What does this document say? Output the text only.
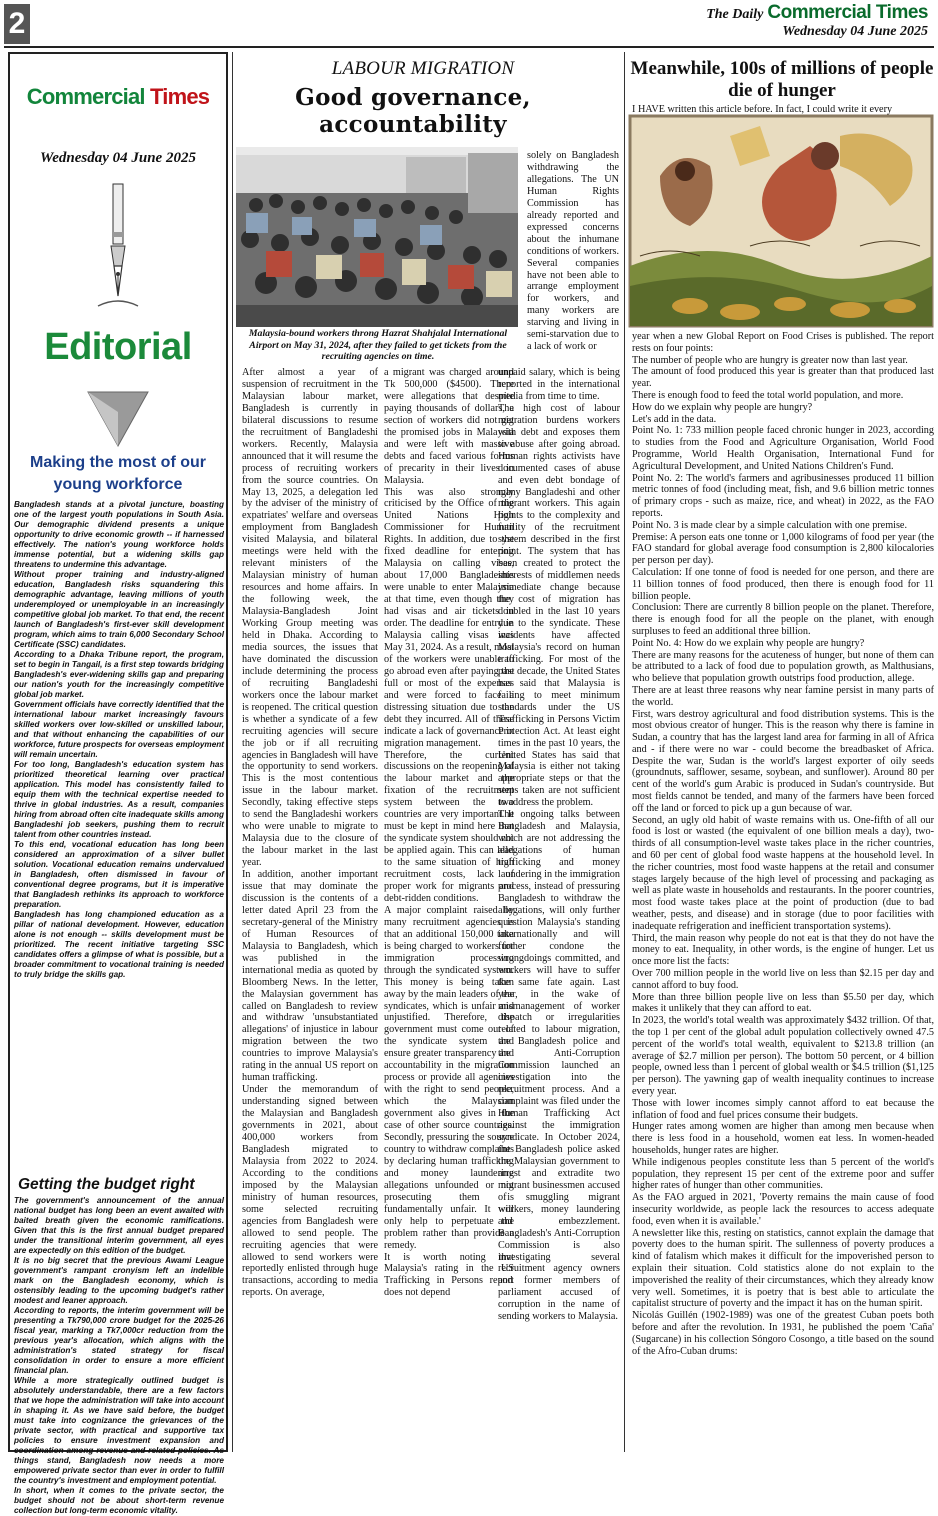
2	The Daily Commercial Times
Wednesday 04 June 2025
Commercial Times
Wednesday 04 June 2025
Editorial
Making the most of our young workforce

Bangladesh stands at a pivotal juncture, boasting one of the largest youth populations in South Asia. Our demographic dividend presents a unique opportunity to drive economic growth -- if harnessed effectively. The nation's young workforce holds immense potential, but a widening skills gap threatens to undermine this advantage.

Without proper training and industry-aligned education, Bangladesh risks squandering this demographic advantage, leaving millions of youth underemployed or unemployable in an increasingly competitive global job market. To that end, the recent launch of Bangladesh's first-ever skill development program, which aims to train 6,000 Secondary School Certificate (SSC) candidates.

According to a Dhaka Tribune report, the program, set to begin in Tangail, is a first step towards bridging Bangladesh's ever-widening skills gap and preparing our nation's youth for the increasingly competitive global job market.

Government officials have correctly identified that the international labour market increasingly favours skilled workers over low-skilled or unskilled labour, and that without enhancing the capabilities of our workforce, future prospects for overseas employment will remain uncertain.

For too long, Bangladesh's education system has prioritized theoretical learning over practical application. This model has consistently failed to equip them with the technical expertise needed to thrive in global industries. As a result, companies hiring from abroad often cite inadequate skills among Bangladeshi job seekers, pushing them to recruit talent from other countries instead.

To this end, vocational education has long been considered an approximation of a silver bullet solution. Vocational education remains undervalued in Bangladesh, often dismissed in favour of conventional degree programs, but it is imperative that Bangladesh rethinks its approach to workforce preparation.

Bangladesh has long championed education as a pillar of national development. However, education alone is not enough -- skills development must be prioritized. The recent initiative targeting SSC candidates offers a glimpse of what is possible, but a broader commitment to vocational training is needed to truly bridge the skills gap.

Getting the budget right

The government's announcement of the annual national budget has long been an event awaited with baited breath given the economic ramifications. Given that this is the first annual budget prepared under the transitional interim government, all eyes are expectedly on this edition of the budget.

It is no big secret that the previous Awami League government's rampant cronyism left an indelible mark on the Bangladesh economy, which is ostensibly leading to the upcoming budget's rather modest and leaner approach.

According to reports, the interim government will be presenting a Tk790,000 crore budget for the 2025-26 fiscal year, marking a Tk7,000cr reduction from the previous year's allocation, which aligns with the administration's stated strategy for fiscal consolidation in order to ensure a more efficient financial plan.

While a more strategically outlined budget is absolutely understandable, there are a few factors that we hope the administration will take into account in shaping it. As we have said before, the budget must take into cognizance the grievances of the private sector, with practical and supportive tax policies to ensure investment expansion and coordination among revenue and related policies. As things stand, Bangladesh now needs a more empowered private sector than ever in order to fulfill the country's investment and employment potential.

In short, when it comes to the private sector, the budget should not be about short-term revenue collection but long-term economic vitality.

LABOUR MIGRATION
Good governance, accountability
Malaysia-bound workers throng Hazrat Shahjalal International Airport on May 31, 2024, after they failed to get tickets from the recruiting agencies on time.

solely on Bangladesh withdrawing the allegations. The UN Human Rights Commission has already reported and expressed concerns about the inhumane conditions of workers. Several companies have not been able to arrange employment for workers, and many workers are starving and living in semi-starvation due to a lack of work or

After almost a year of suspension of recruitment in the Malaysian labour market, Bangladesh is currently in bilateral discussions to resume the recruitment of Bangladeshi workers. Recently, Malaysia announced that it will resume the process of recruiting workers from the source countries. On May 13, 2025, a delegation led by the adviser of the ministry of expatriates' welfare and overseas employment from Bangladesh visited Malaysia, and bilateral meetings were held with the relevant ministers of the Malaysian ministry of human resources and home affairs. In the following week, the Malaysia-Bangladesh Joint Working Group meeting was held in Dhaka. According to media sources, the issues that have dominated the discussion include determining the process of recruiting Bangladeshi workers once the labour market is reopened. The critical question is whether a syndicate of a few recruiting agencies will secure the job or if all recruiting agencies in Bangladesh will have the opportunity to send workers. This is the most contentious issue in the labour market. Secondly, taking effective steps to send the Bangladeshi workers who were unable to migrate to Malaysia due to the closure of the labour market in the last year.

In addition, another important issue that may dominate the discussion is the contents of a letter dated April 23 from the secretary-general of the Ministry of Human Resources of Malaysia to Bangladesh, which was published in the international media as quoted by Bloomberg News. In the letter, the Malaysian government has called on Bangladesh to review and withdraw 'unsubstantiated allegations' of injustice in labour migration between the two countries to improve Malaysia's rating in the annual US report on human trafficking.

Under the memorandum of understanding signed between the Malaysian and Bangladesh governments in 2021, about 400,000 workers from Bangladesh migrated to Malaysia from 2022 to 2024. According to the conditions imposed by the Malaysian ministry of human resources, some selected recruiting agencies from Bangladesh were allowed to send people. The recruiting agencies that were allowed to send workers were reportedly enlisted through huge transactions, according to media reports. On average,

a migrant was charged around Tk 500,000 ($4500). There were allegations that despite paying thousands of dollars, a section of workers did not get the promised jobs in Malaysia and were left with massive debts and faced various forms of precarity in their lives in Malaysia.

This was also strongly criticised by the Office of the United Nations High Commissioner for Human Rights. In addition, due to the fixed deadline for entering Malaysia on calling visas, about 17,000 Bangladeshis were unable to enter Malaysia at that time, even though they had visas and air tickets in order. The deadline for entry in Malaysia calling visas was May 31, 2024. As a result, most of the workers were unable to go abroad even after paying the full or most of the expenses and were forced to face a distressing situation due to the debt they incurred. All of these indicate a lack of governance in migration management.

Therefore, the current discussions on the reopening of the labour market and the fixation of the recruitment system between the two countries are very important. It must be kept in mind here that the syndicate system should not be applied again. This can lead to the same situation of high recruitment costs, lack of proper work for migrants and debt-ridden conditions.

A major complaint raised by many recruitment agencies is that an additional 150,000 taka is being charged to workers for immigration processing through the syndicated system. This money is being taken away by the main leaders of the syndicates, which is unfair and unjustified. Therefore, the government must come out of the syndicate system and ensure greater transparency and accountability in the migration process or provide all agencies with the right to send people, which the Malaysian government also gives in the case of other source countries. Secondly, pressuring the source country to withdraw complaints by declaring human trafficking and money laundering allegations unfounded or not prosecuting them is fundamentally unfair. It will only help to perpetuate the problem rather than provide a remedy.

It is worth noting that Malaysia's rating in the US Trafficking in Persons report does not depend

unpaid salary, which is being reported in the international media from time to time.

The high cost of labour migration burdens workers with debt and exposes them to abuse after going abroad. Human rights activists have documented cases of abuse and even debt bondage of many Bangladeshi and other migrant workers. This again points to the complexity and futility of the recruitment system described in the first point. The system that has been created to protect the interests of middlemen needs immediate change because the cost of migration has doubled in the last 10 years due to the syndicate. These incidents have affected Malaysia's record on human trafficking. For most of the past decade, the United States has said that Malaysia is failing to meet minimum standards under the US Trafficking in Persons Victim Protection Act. At least eight times in the past 10 years, the United States has said that Malaysia is either not taking appropriate steps or that the steps taken are not sufficient to address the problem.

The ongoing talks between Bangladesh and Malaysia, which are not addressing the allegations of human trafficking and money laundering in the immigration process, instead of pressuring Bangladesh to withdraw the allegations, will only further question Malaysia's standing internationally and will further condone the wrongdoings committed, and workers will have to suffer the same fate again. Last year, in the wake of mismanagement of worker dispatch or irregularities related to labour migration, the Bangladesh police and the Anti-Corruption Commission launched an investigation into the recruitment process. And a complaint was filed under the Human Trafficking Act against the immigration syndicate. In October 2024, the Bangladesh police asked the Malaysian government to arrest and extradite two migrant businessmen accused of smuggling migrant workers, money laundering and embezzlement. Bangladesh's Anti-Corruption Commission is also investigating several recruitment agency owners and former members of parliament accused of corruption in the name of sending workers to Malaysia.

Meanwhile, 100s of millions of people die of hunger
I HAVE written this article before. In fact, I could write it every

year when a new Global Report on Food Crises is published. The report rests on four points:

The number of people who are hungry is greater now than last year.

The amount of food produced this year is greater than that produced last year.

There is enough food to feed the total world population, and more.

How do we explain why people are hungry?

Let's add in the data.

Point No. 1: 733 million people faced chronic hunger in 2023, according to studies from the Food and Agriculture Organisation, World Food Programme, World Health Organisation, International Fund for Agricultural Development, and United Nations Children's Fund.

Point No. 2: The world's farmers and agribusinesses produced 11 billion metric tonnes of food (including meat, fish, and 9.6 billion metric tonnes of primary crops - such as maize, rice, and wheat) in 2022, as the FAO reports.

Point No. 3 is made clear by a simple calculation with one premise.

Premise: A person eats one tonne or 1,000 kilograms of food per year (the FAO standard for global average food consumption is 2,800 kilocalories per person per day).

Calculation: If one tonne of food is needed for one person, and there are 11 billion tonnes of food produced, then there is enough food for 11 billion people.

Conclusion: There are currently 8 billion people on the planet. Therefore, there is enough food for all the people on the planet, with enough surpluses to feed an additional three billion.

Point No. 4: How do we explain why people are hungry?

There are many reasons for the acuteness of hunger, but none of them can be attributed to a lack of food due to population growth, as Malthusians, who believe that population growth outstrips food production, allege.

There are at least three reasons why near famine persist in many parts of the world.

First, wars destroy agricultural and food distribution systems. This is the most obvious creator of hunger. This is the reason why there is famine in Sudan, a country that has the largest land area for farming in all of Africa and - if there were no war - could become the breadbasket of Africa. Despite the war, Sudan is the world's largest exporter of oily seeds (groundnuts, safflower, sesame, soybean, and sunflower). Around 80 per cent of the world's gum Arabic is produced in Sudan's countryside. But most fields cannot be tended, and many of the farmers have been forced off the land or forced to pick up a gun because of war.

Second, an ugly old habit of waste remains with us. One-fifth of all our food is lost or wasted (the equivalent of one billion meals a day), two-thirds of all consumption-level waste takes place in the richer countries, and 60 per cent of global food waste happens at the household level. In the richer countries, most food waste happens at the retail and consumer stages largely because of the high level of processing and packaging as well as plate waste in households and restaurants. In the poorer countries, most food waste takes place at the point of production (due to bad weather, pests, and disease) and in storage (due to poor facilities with inadequate refrigeration and inefficient transportation systems).

Third, the main reason why people do not eat is that they do not have the money to eat. Inequality, in other words, is the engine of hunger. Let us once more list the facts:

Over 700 million people in the world live on less than $2.15 per day and cannot afford to buy food.

More than three billion people live on less than $5.50 per day, which makes it unlikely that they can afford to eat.

In 2023, the world's total wealth was approximately $432 trillion. Of that, the top 1 per cent of the global adult population collectively owned 47.5 percent of the world's total wealth, equivalent to $213.8 trillion (an average of $2.7 million per person). The bottom 50 percent, or 4 billion people, owned less than 1 percent of global wealth or $4.5 trillion ($1,125 per person). The yawning gap of wealth inequality continues to increase every year.

Those with lower incomes simply cannot afford to eat because the inflation of food and fuel prices consume their budgets.

Hunger rates among women are higher than among men because when there is less food in a household, women eat less. In women-headed households, hunger rates are higher.

While indigenous peoples constitute less than 5 percent of the world's population, they represent 15 per cent of the extreme poor and suffer higher rates of hunger than other communities.

As the FAO argued in 2021, 'Poverty remains the main cause of food insecurity worldwide, as people lack the resources to access adequate food, even when it is available.'

A newsletter like this, resting on statistics, cannot explain the damage that poverty does to the human spirit. The sullenness of poverty produces a kind of fatalism which makes it difficult for the impoverished person to explain their situation. Cold statistics alone do not explain to the impoverished the reality of their circumstances, which they already know very well. Sometimes, it is poetry that is best able to articulate the capitalist structure of poverty and the impact it has on the human spirit.

Nicolás Guillén (1902-1989) was one of the greatest Cuban poets both before and after the revolution. In 1931, he published the poem 'Caña' (Sugarcane) in his collection Sóngoro Cosongo, a title based on the sound of the Afro-Cuban drums:
